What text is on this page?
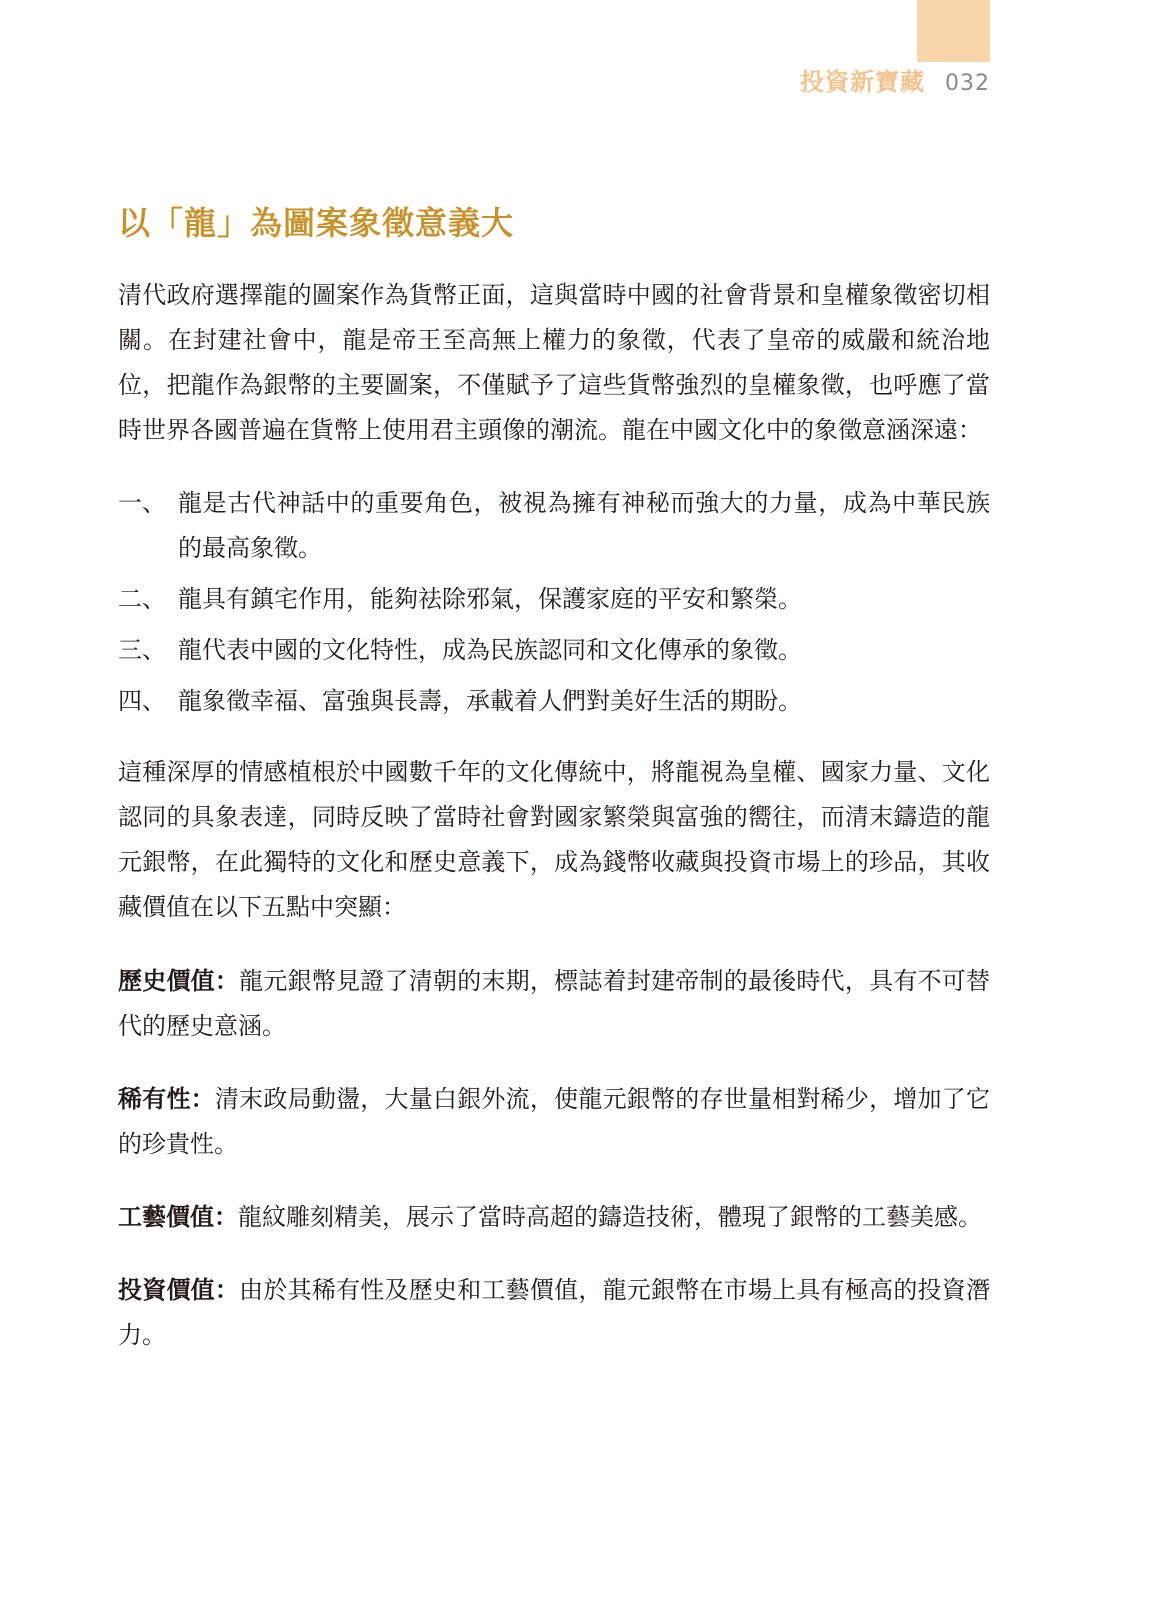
投資新寶藏 032
以「龍」為圖案象徵意義大

清代政府選擇龍的圖案作為貨幣正面，這與當時中國的社會背景和皇權象徵密切相關。在封建社會中，龍是帝王至高無上權力的象徵，代表了皇帝的威嚴和統治地位，把龍作為銀幣的主要圖案，不僅賦予了這些貨幣強烈的皇權象徵，也呼應了當時世界各國普遍在貨幣上使用君主頭像的潮流。龍在中國文化中的象徵意涵深遠：

一、 龍是古代神話中的重要角色，被視為擁有神秘而強大的力量，成為中華民族的最高象徵。
二、 龍具有鎮宅作用，能夠祛除邪氣，保護家庭的平安和繁榮。
三、 龍代表中國的文化特性，成為民族認同和文化傳承的象徵。
四、 龍象徵幸福、富強與長壽，承載着人們對美好生活的期盼。

這種深厚的情感植根於中國數千年的文化傳統中，將龍視為皇權、國家力量、文化認同的具象表達，同時反映了當時社會對國家繁榮與富強的嚮往，而清末鑄造的龍元銀幣，在此獨特的文化和歷史意義下，成為錢幣收藏與投資市場上的珍品，其收藏價值在以下五點中突顯：

歷史價值：龍元銀幣見證了清朝的末期，標誌着封建帝制的最後時代，具有不可替代的歷史意涵。

稀有性：清末政局動盪，大量白銀外流，使龍元銀幣的存世量相對稀少，增加了它的珍貴性。

工藝價值：龍紋雕刻精美，展示了當時高超的鑄造技術，體現了銀幣的工藝美感。

投資價值：由於其稀有性及歷史和工藝價值，龍元銀幣在市場上具有極高的投資潛力。
